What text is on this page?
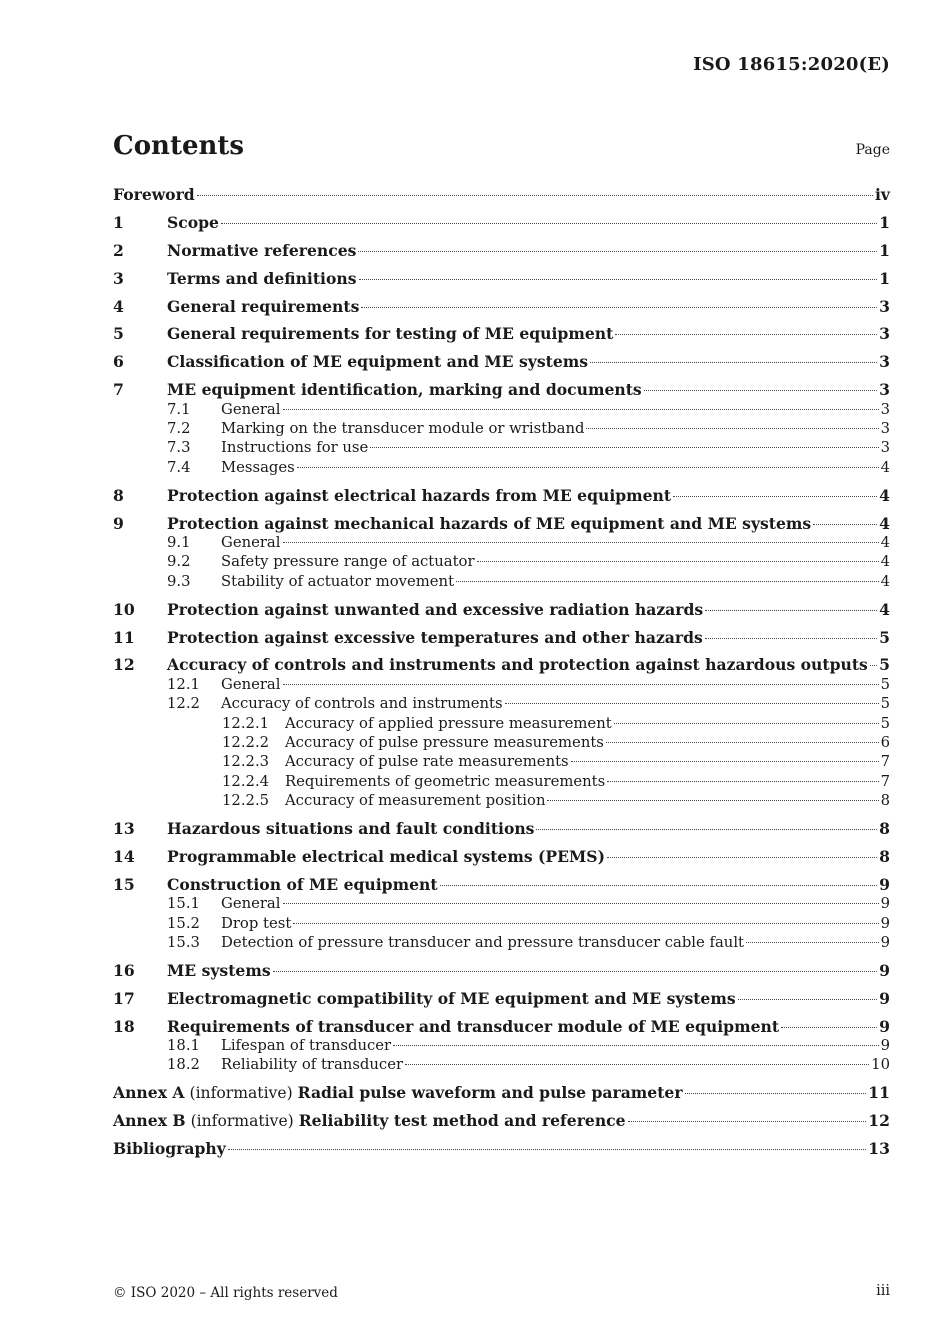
ISO 18615:2020(E)
Contents	Page
Foreword	iv
1	Scope	1
2	Normative references	1
3	Terms and definitions	1
4	General requirements	3
5	General requirements for testing of ME equipment	3
6	Classification of ME equipment and ME systems	3
7	ME equipment identification, marking and documents	3
7.1	General	3
7.2	Marking on the transducer module or wristband	3
7.3	Instructions for use	3
7.4	Messages	4
8	Protection against electrical hazards from ME equipment	4
9	Protection against mechanical hazards of ME equipment and ME systems	4
9.1	General	4
9.2	Safety pressure range of actuator	4
9.3	Stability of actuator movement	4
10	Protection against unwanted and excessive radiation hazards	4
11	Protection against excessive temperatures and other hazards	5
12	Accuracy of controls and instruments and protection against hazardous outputs 5
12.1	General	5
12.2	Accuracy of controls and instruments	5
12.2.1	Accuracy of applied pressure measurement	5
12.2.2	Accuracy of pulse pressure measurements	6
12.2.3	Accuracy of pulse rate measurements	7
12.2.4	Requirements of geometric measurements	7
12.2.5	Accuracy of measurement position	8
13	Hazardous situations and fault conditions	8
14	Programmable electrical medical systems (PEMS)	8
15	Construction of ME equipment	9
15.1	General	9
15.2	Drop test	9
15.3	Detection of pressure transducer and pressure transducer cable fault	9
16	ME systems	9
17	Electromagnetic compatibility of ME equipment and ME systems	9
18	Requirements of transducer and transducer module of ME equipment	9
18.1	Lifespan of transducer	9
18.2	Reliability of transducer	10
Annex A (informative) Radial pulse waveform and pulse parameter	11
Annex B (informative) Reliability test method and reference	12
Bibliography	13
© ISO 2020 – All rights reserved	iii
